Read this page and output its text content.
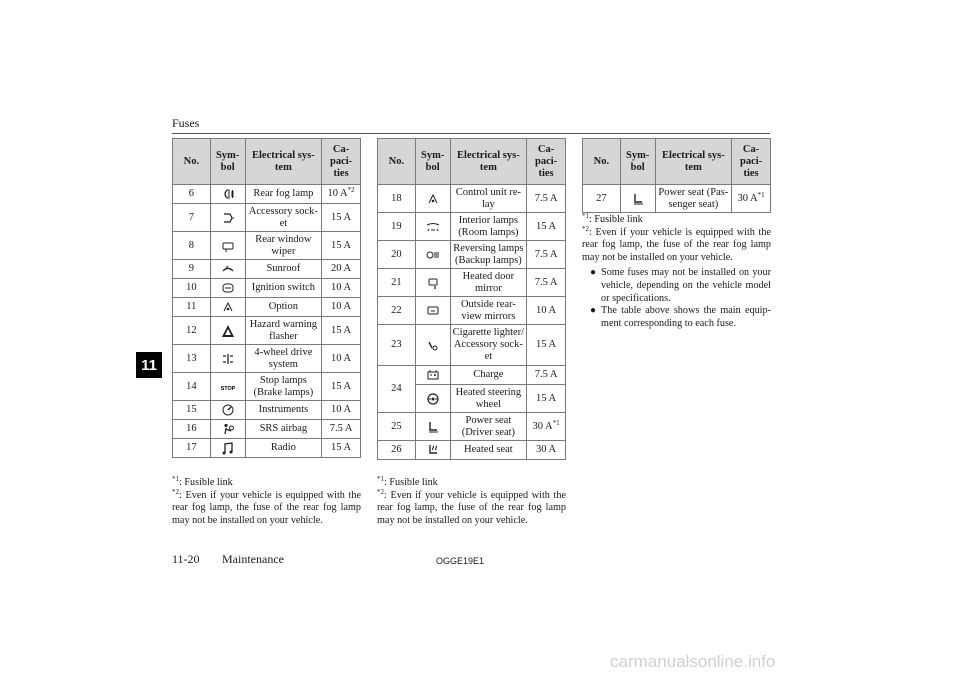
Fuses
11
No.	Sym-bol	Electrical sys-tem	Ca-paci-ties
6		Rear fog lamp	10 $A^{*2}$
7		Accessory sock-et	15 A
8		Rear window wiper	15 A
9		Sunroof	20 A
10		Ignition switch	10 A
11		Option	10 A
12		Hazard warning flasher	15 A
13		4-wheel drive system	10 A
14	STOP	Stop lamps (Brake lamps)	15 A
15		Instruments	10 A
16		SRS airbag	7.5 A
17		Radio	15 A
No.	Sym-bol	Electrical sys-tem	Ca-paci-ties
18		Control unit re-lay	7.5 A
19		Interior lamps (Room lamps)	15 A
20		Reversing lamps (Backup lamps)	7.5 A
21		Heated door mirror	7.5 A
22		Outside rear-view mirrors	10 A
23		Cigarette lighter/ Accessory sock-et	15 A
24		Charge	7.5 A

	Heated steering wheel	15 A
25		Power seat (Driver seat)	30 $A^{*1}$
26		Heated seat	30 A
No.	Sym-bol	Electrical sys-tem	Ca-paci-ties
27		Power seat (Pas-senger seat)	30 $A^{*1}$

$^{*1}$: Fusible link

$^{*2}$: Even if your vehicle is equipped with the rear fog lamp, the fuse of the rear fog lamp may not be installed on your vehicle.

$^{*1}$: Fusible link

$^{*2}$: Even if your vehicle is equipped with the rear fog lamp, the fuse of the rear fog lamp may not be installed on your vehicle.

$^{*1}$: Fusible link

$^{*2}$: Even if your vehicle is equipped with the rear fog lamp, the fuse of the rear fog lamp may not be installed on your vehicle.

● Some fuses may not be installed on your vehicle, depending on the vehicle model or specifications.
● The table above shows the main equip-ment corresponding to each fuse.
11-20 Maintenance	OGGE19E1
carmanualsonline.info
